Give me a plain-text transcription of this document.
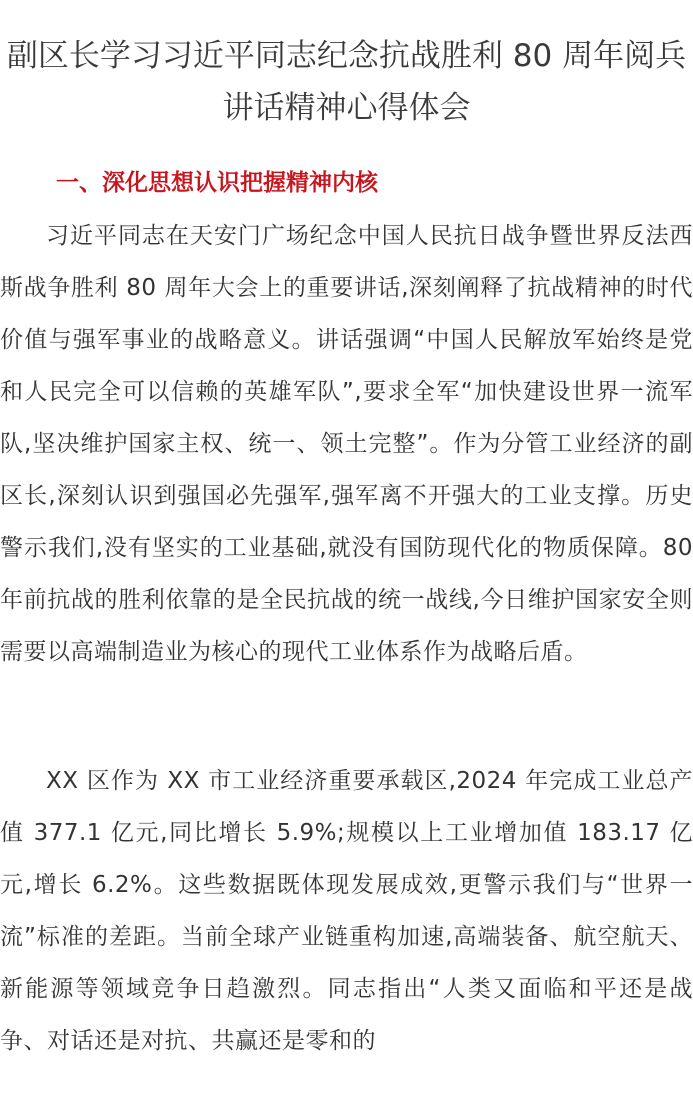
副区长学习习近平同志纪念抗战胜利 80 周年阅兵讲话精神心得体会
一、深化思想认识把握精神内核

习近平同志在天安门广场纪念中国人民抗日战争暨世界反法西斯战争胜利 80 周年大会上的重要讲话,深刻阐释了抗战精神的时代价值与强军事业的战略意义。讲话强调“中国人民解放军始终是党和人民完全可以信赖的英雄军队”,要求全军“加快建设世界一流军队,坚决维护国家主权、统一、领土完整”。作为分管工业经济的副区长,深刻认识到强国必先强军,强军离不开强大的工业支撑。历史警示我们,没有坚实的工业基础,就没有国防现代化的物质保障。80 年前抗战的胜利依靠的是全民抗战的统一战线,今日维护国家安全则需要以高端制造业为核心的现代工业体系作为战略后盾。

XX 区作为 XX 市工业经济重要承载区,2024 年完成工业总产值 377.1 亿元,同比增长 5.9%;规模以上工业增加值 183.17 亿元,增长 6.2%。这些数据既体现发展成效,更警示我们与“世界一流”标准的差距。当前全球产业链重构加速,高端装备、航空航天、新能源等领域竞争日趋激烈。同志指出“人类又面临和平还是战争、对话还是对抗、共赢还是零和的
